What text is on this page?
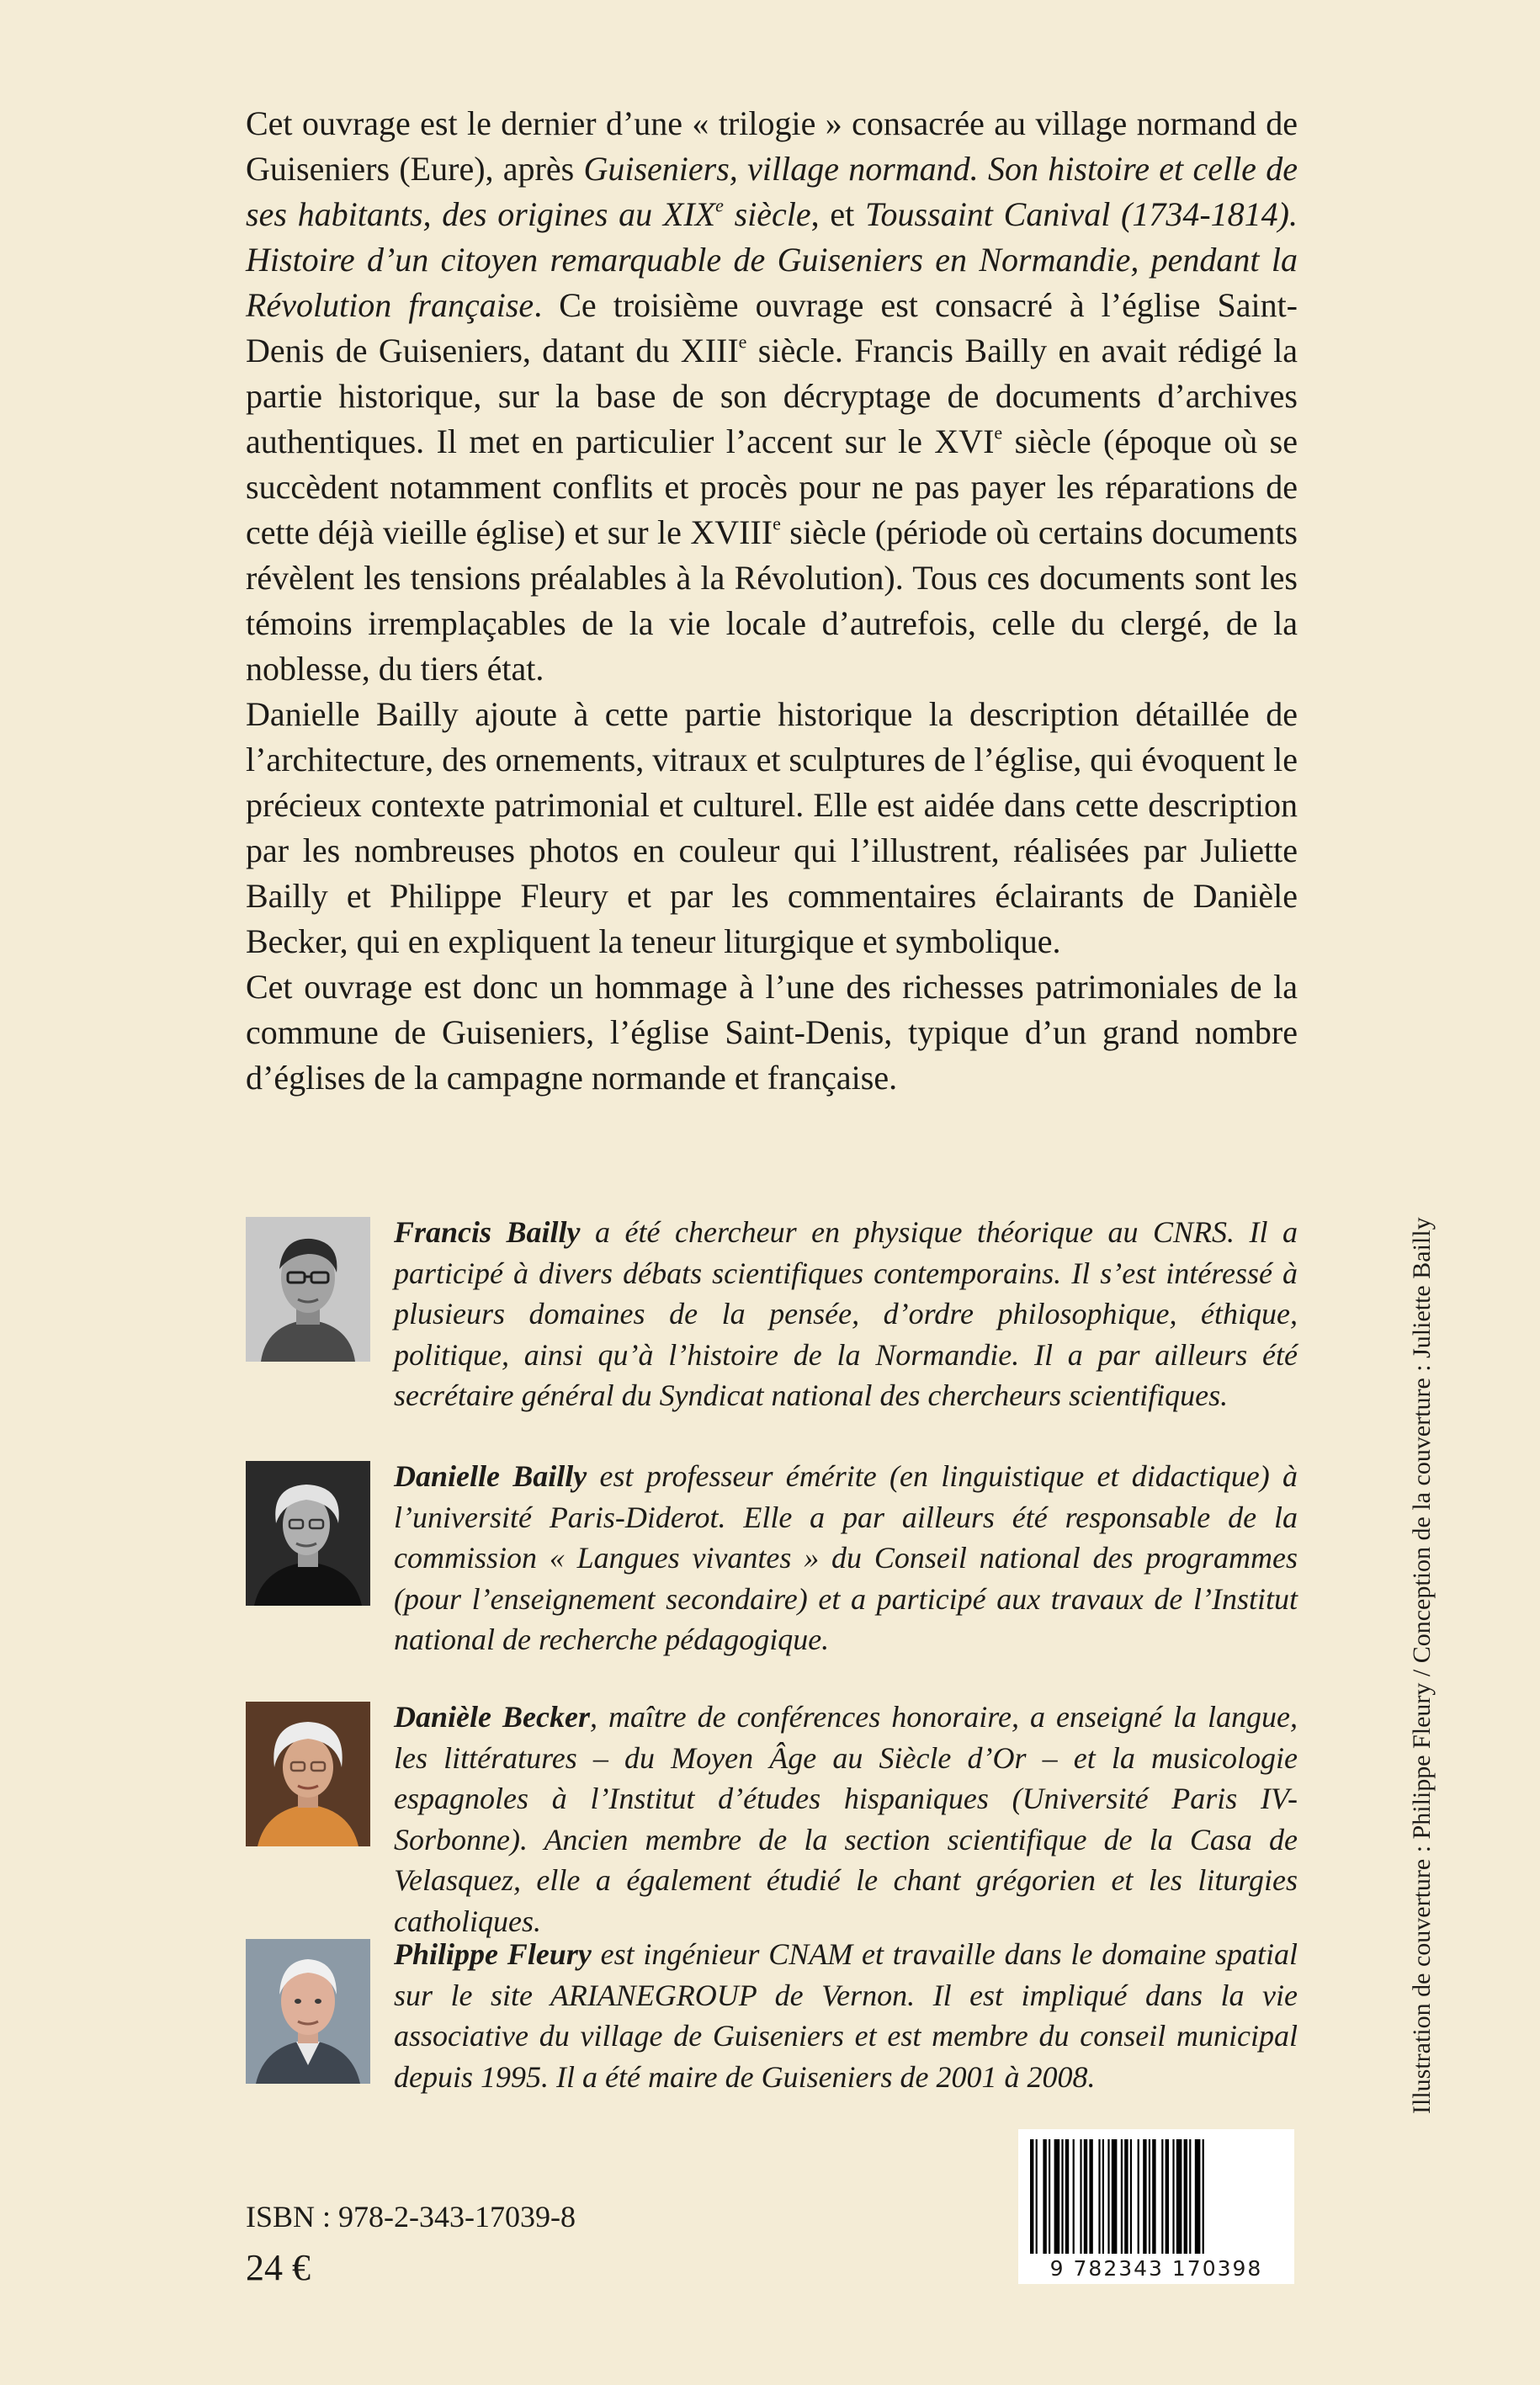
Cet ouvrage est le dernier d’une « trilogie » consacrée au village normand de Guiseniers (Eure), après Guiseniers, village normand. Son histoire et celle de ses habitants, des origines au XIXe siècle, et Toussaint Canival (1734-1814). Histoire d’un citoyen remarquable de Guiseniers en Normandie, pendant la Révolution française. Ce troisième ouvrage est consacré à l’église Saint-Denis de Guiseniers, datant du XIIIe siècle. Francis Bailly en avait rédigé la partie historique, sur la base de son décryptage de documents d’archives authentiques. Il met en particulier l’accent sur le XVIe siècle (époque où se succèdent notamment conflits et procès pour ne pas payer les réparations de cette déjà vieille église) et sur le XVIIIe siècle (période où certains documents révèlent les tensions préalables à la Révolution). Tous ces documents sont les témoins irremplaçables de la vie locale d’autrefois, celle du clergé, de la noblesse, du tiers état.

Danielle Bailly ajoute à cette partie historique la description détaillée de l’architecture, des ornements, vitraux et sculptures de l’église, qui évoquent le précieux contexte patrimonial et culturel. Elle est aidée dans cette description par les nombreuses photos en couleur qui l’illustrent, réalisées par Juliette Bailly et Philippe Fleury et par les commentaires éclairants de Danièle Becker, qui en expliquent la teneur liturgique et symbolique.

Cet ouvrage est donc un hommage à l’une des richesses patrimoniales de la commune de Guiseniers, l’église Saint-Denis, typique d’un grand nombre d’églises de la campagne normande et française.

Francis Bailly a été chercheur en physique théorique au CNRS. Il a participé à divers débats scientifiques contemporains. Il s’est intéressé à plusieurs domaines de la pensée, d’ordre philosophique, éthique, politique, ainsi qu’à l’histoire de la Normandie. Il a par ailleurs été secrétaire général du Syndicat national des chercheurs scientifiques.
Danielle Bailly est professeur émérite (en linguistique et didactique) à l’université Paris-Diderot. Elle a par ailleurs été responsable de la commission « Langues vivantes » du Conseil national des programmes (pour l’enseignement secondaire) et a participé aux travaux de l’Institut national de recherche pédagogique.
Danièle Becker, maître de conférences honoraire, a enseigné la langue, les littératures – du Moyen Âge au Siècle d’Or – et la musicologie espagnoles à l’Institut d’études hispaniques (Université Paris IV-Sorbonne). Ancien membre de la section scientifique de la Casa de Velasquez, elle a également étudié le chant grégorien et les liturgies catholiques.
Philippe Fleury est ingénieur CNAM et travaille dans le domaine spatial sur le site ARIANEGROUP de Vernon. Il est impliqué dans la vie associative du village de Guiseniers et est membre du conseil municipal depuis 1995. Il a été maire de Guiseniers de 2001 à 2008.	Illustration de couverture : Philippe Fleury / Conception de la couverture : Juliette Bailly
ISBN : 978-2-343-17039-8
24 €	9 782343 170398
